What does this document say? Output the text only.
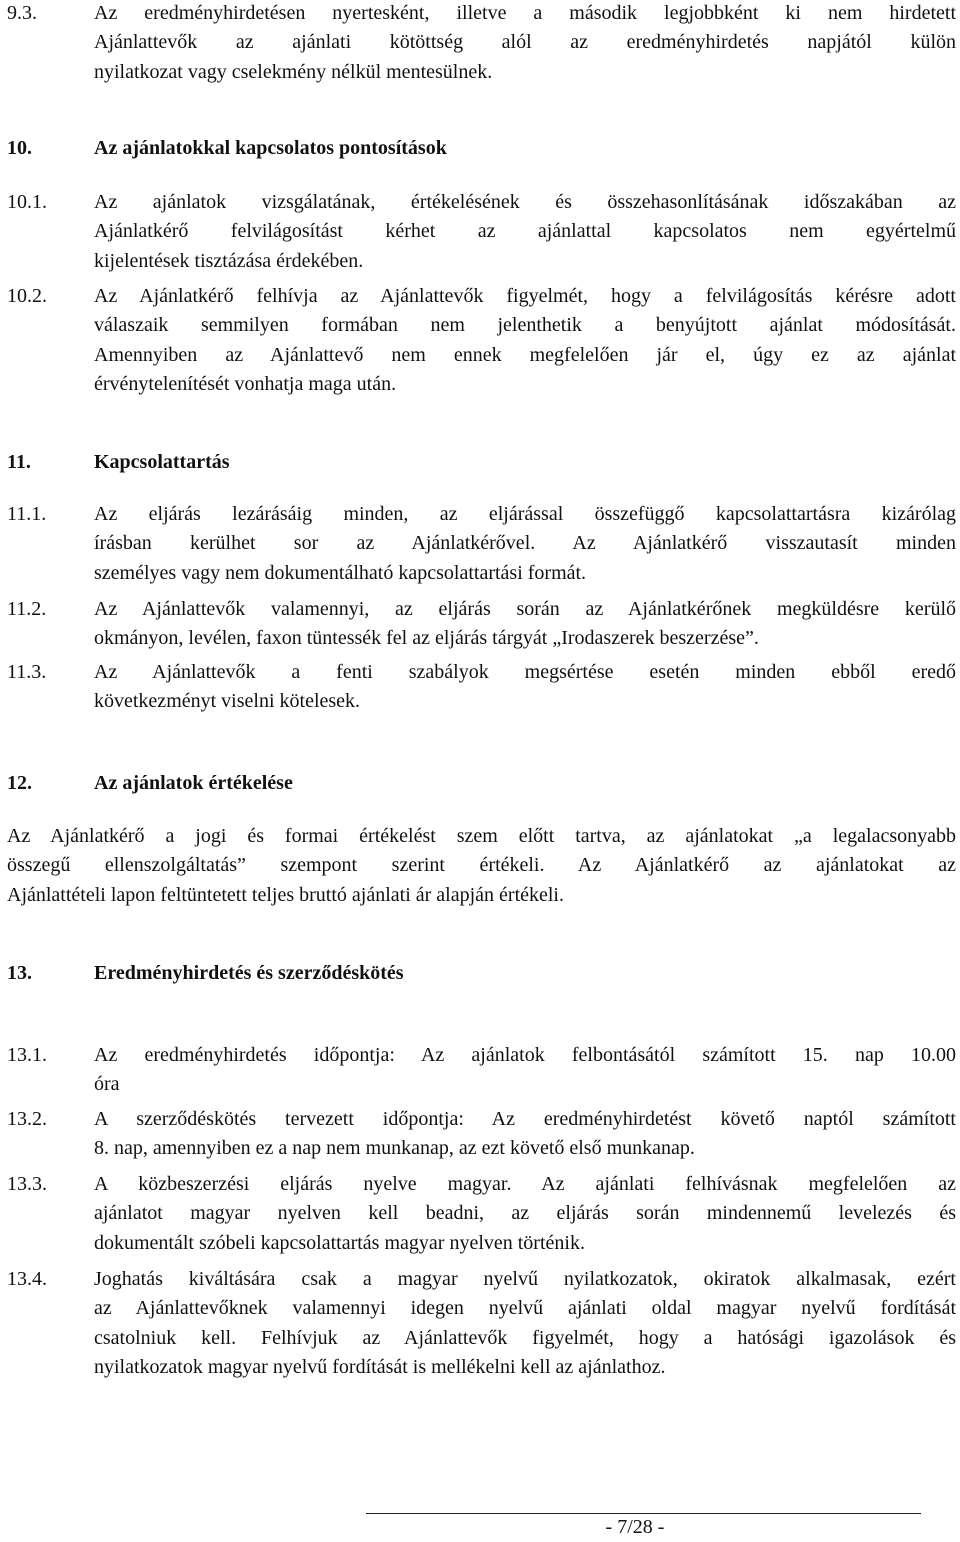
9.3.	Az eredményhirdetésen nyertesként, illetve a második legjobbként ki nem hirdetett
Ajánlattevők az ajánlati kötöttség alól az eredményhirdetés napjától külön
nyilatkozat vagy cselekmény nélkül mentesülnek.
10.	Az ajánlatokkal kapcsolatos pontosítások
10.1. Az ajánlatok vizsgálatának, értékelésének és összehasonlításának időszakában az
Ajánlatkérő felvilágosítást kérhet az ajánlattal kapcsolatos nem egyértelmű
kijelentések tisztázása érdekében.
10.2. Az Ajánlatkérő felhívja az Ajánlattevők figyelmét, hogy a felvilágosítás kérésre adott
válaszaik semmilyen formában nem jelenthetik a benyújtott ajánlat módosítását.
Amennyiben az Ajánlattevő nem ennek megfelelően jár el, úgy ez az ajánlat
érvénytelenítését vonhatja maga után.
11.	Kapcsolattartás
11.1. Az eljárás lezárásáig minden, az eljárással összefüggő kapcsolattartásra kizárólag
írásban kerülhet sor az Ajánlatkérővel. Az Ajánlatkérő visszautasít minden
személyes vagy nem dokumentálható kapcsolattartási formát.
11.2. Az Ajánlattevők valamennyi, az eljárás során az Ajánlatkérőnek megküldésre kerülő
okmányon, levélen, faxon tüntessék fel az eljárás tárgyát „Irodaszerek beszerzése”.
11.3. Az Ajánlattevők a fenti szabályok megsértése esetén minden ebből eredő
következményt viselni kötelesek.
12.	Az ajánlatok értékelése
Az Ajánlatkérő a jogi és formai értékelést szem előtt tartva, az ajánlatokat „a legalacsonyabb
összegű ellenszolgáltatás” szempont szerint értékeli. Az Ajánlatkérő az ajánlatokat az
Ajánlattételi lapon feltüntetett teljes bruttó ajánlati ár alapján értékeli.
13.	Eredményhirdetés és szerződéskötés
13.1. Az eredményhirdetés időpontja: Az ajánlatok felbontásától számított 15. nap 10.00
óra
13.2. A szerződéskötés tervezett időpontja: Az eredményhirdetést követő naptól számított
8. nap, amennyiben ez a nap nem munkanap, az ezt követő első munkanap.
13.3. A közbeszerzési eljárás nyelve magyar. Az ajánlati felhívásnak megfelelően az
ajánlatot magyar nyelven kell beadni, az eljárás során mindennemű levelezés és
dokumentált szóbeli kapcsolattartás magyar nyelven történik.
13.4. Joghatás kiváltására csak a magyar nyelvű nyilatkozatok, okiratok alkalmasak, ezért
az Ajánlattevőknek valamennyi idegen nyelvű ajánlati oldal magyar nyelvű fordítását
csatolniuk kell. Felhívjuk az Ajánlattevők figyelmét, hogy a hatósági igazolások és
nyilatkozatok magyar nyelvű fordítását is mellékelni kell az ajánlathoz.
- 7/28 -
